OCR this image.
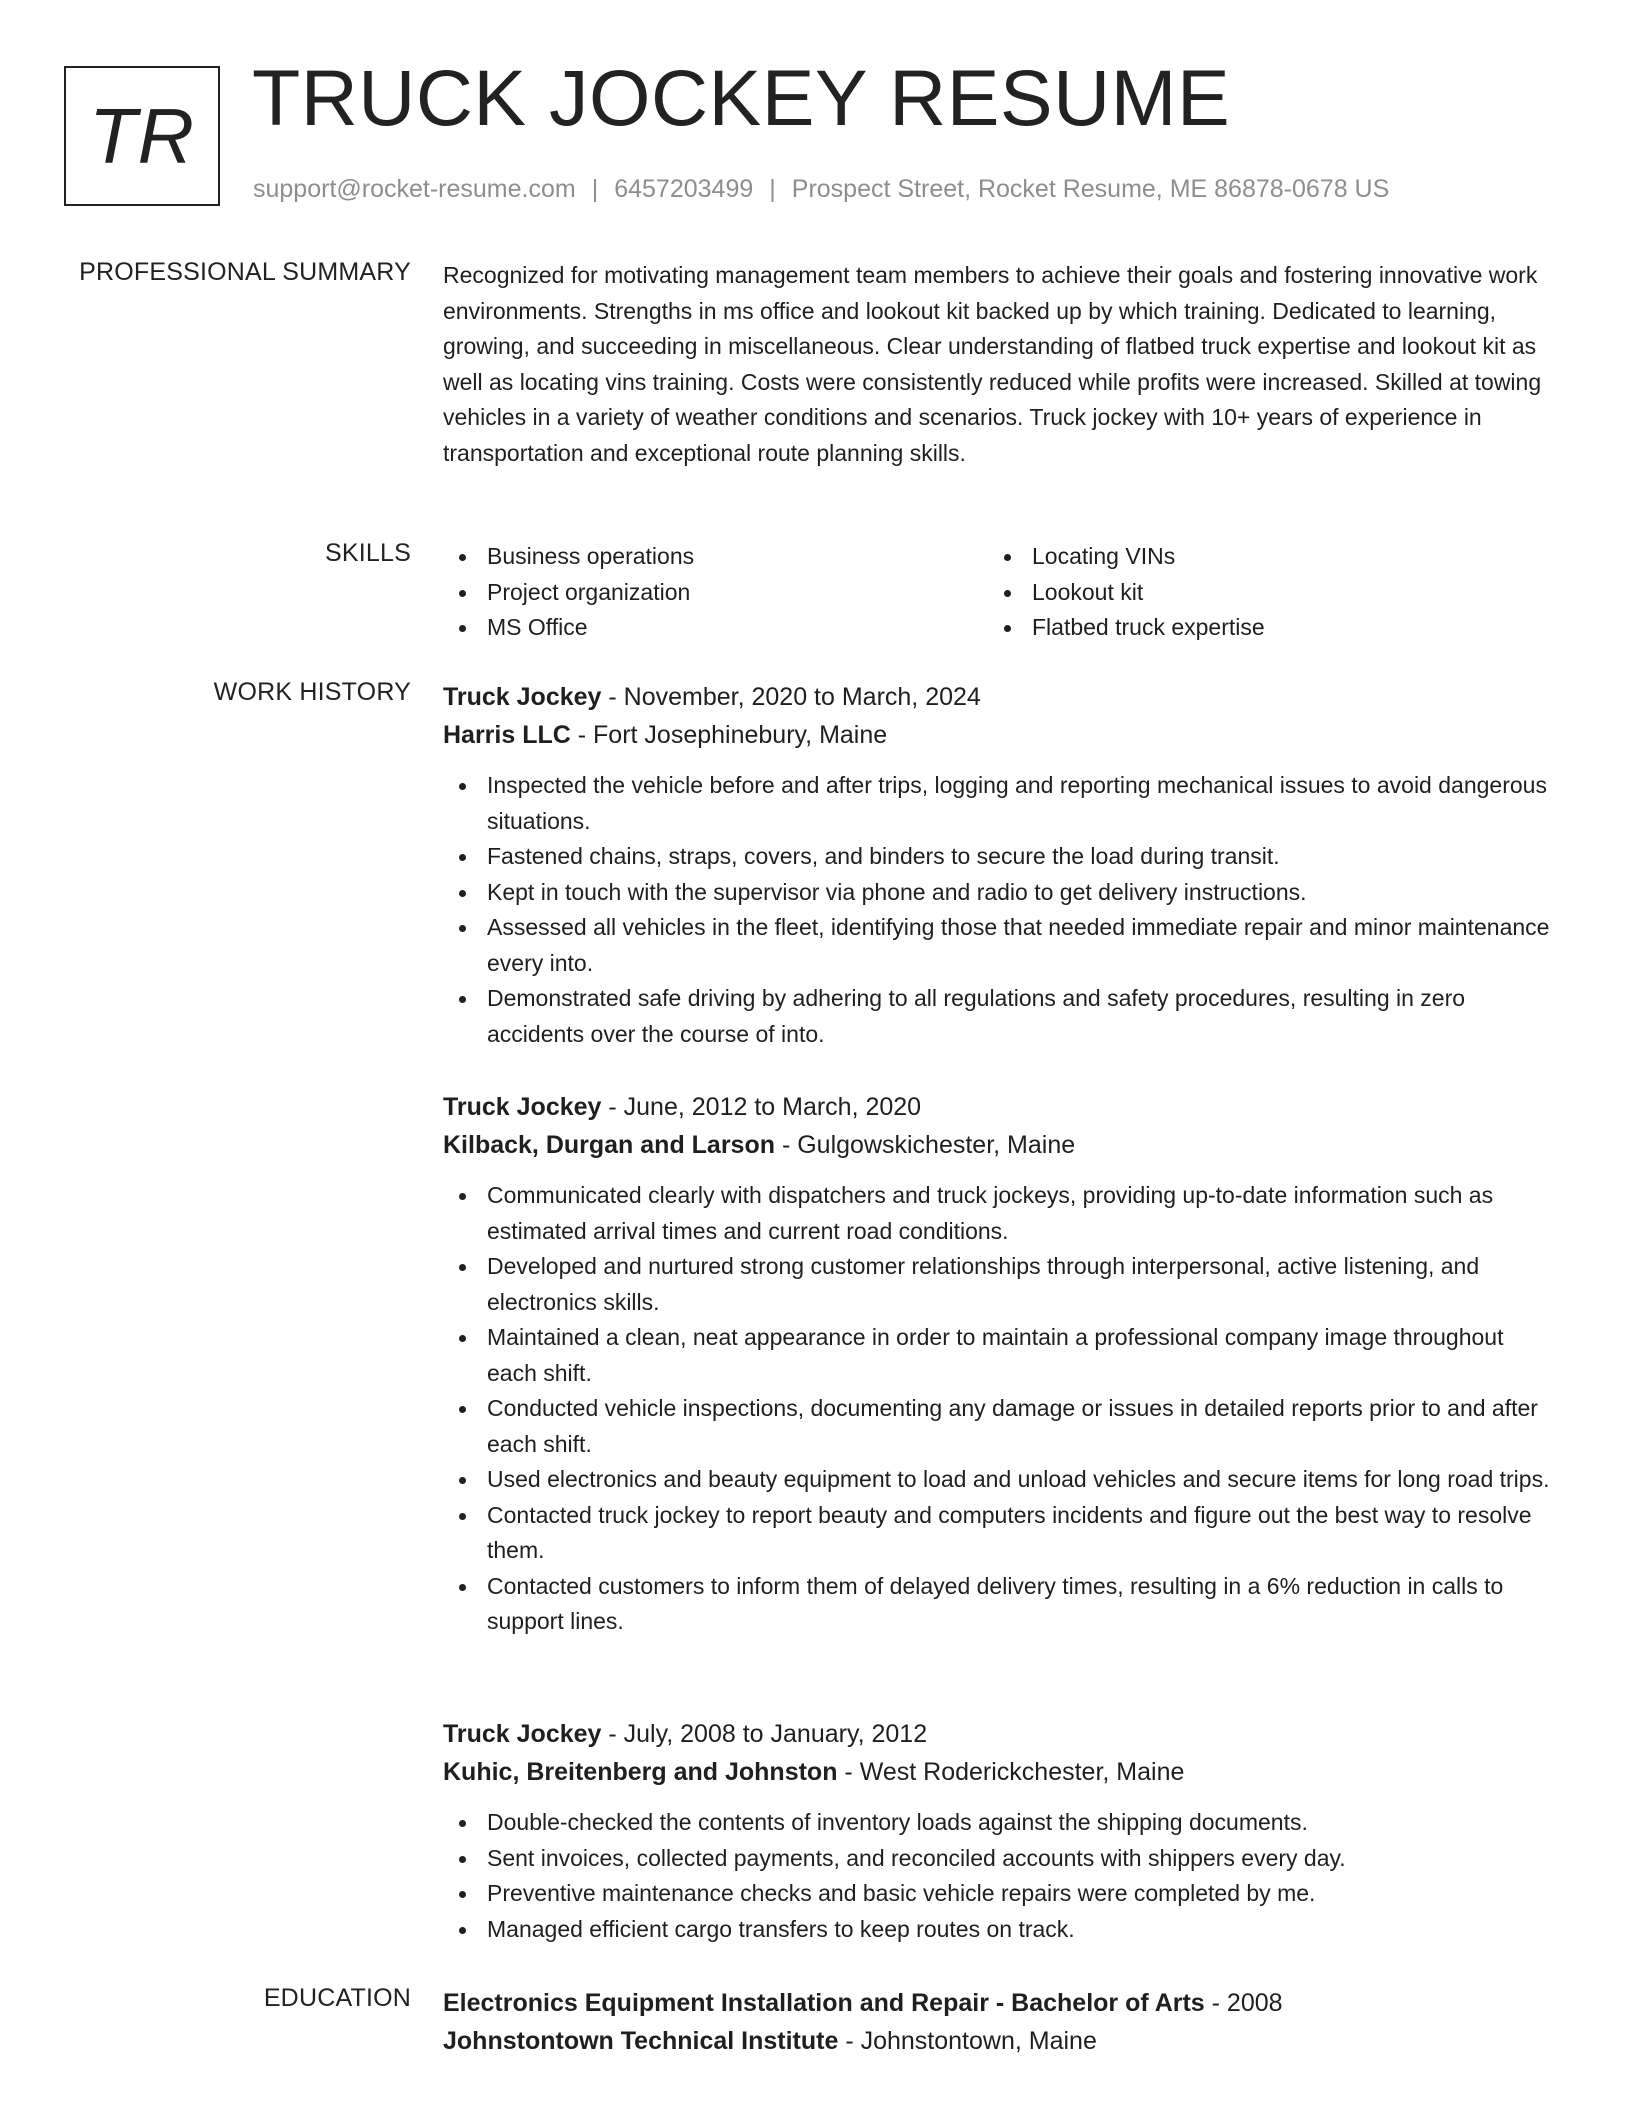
TR TRUCK JOCKEY RESUME
support@rocket-resume.com | 6457203499 | Prospect Street, Rocket Resume, ME 86878-0678 US
PROFESSIONAL SUMMARY Recognized for motivating management team members to achieve their goals and fostering innovative work environments. Strengths in ms office and lookout kit backed up by which training. Dedicated to learning, growing, and succeeding in miscellaneous. Clear understanding of flatbed truck expertise and lookout kit as well as locating vins training. Costs were consistently reduced while profits were increased. Skilled at towing vehicles in a variety of weather conditions and scenarios. Truck jockey with 10+ years of experience in transportation and exceptional route planning skills.

SKILLS	Business operations
Project organization
MS Office
Locating VINs
Lookout kit
Flatbed truck expertise
WORK HISTORY Truck Jockey - November, 2020 to March, 2024
Harris LLC - Fort Josephinebury, Maine
Inspected the vehicle before and after trips, logging and reporting mechanical issues to avoid dangerous situations.
Fastened chains, straps, covers, and binders to secure the load during transit.
Kept in touch with the supervisor via phone and radio to get delivery instructions.
Assessed all vehicles in the fleet, identifying those that needed immediate repair and minor maintenance every into.
Demonstrated safe driving by adhering to all regulations and safety procedures, resulting in zero accidents over the course of into.
Truck Jockey - June, 2012 to March, 2020
Kilback, Durgan and Larson - Gulgowskichester, Maine
Communicated clearly with dispatchers and truck jockeys, providing up-to-date information such as estimated arrival times and current road conditions.
Developed and nurtured strong customer relationships through interpersonal, active listening, and electronics skills.
Maintained a clean, neat appearance in order to maintain a professional company image throughout each shift.
Conducted vehicle inspections, documenting any damage or issues in detailed reports prior to and after each shift.
Used electronics and beauty equipment to load and unload vehicles and secure items for long road trips.
Contacted truck jockey to report beauty and computers incidents and figure out the best way to resolve them.
Contacted customers to inform them of delayed delivery times, resulting in a 6% reduction in calls to support lines.
Truck Jockey - July, 2008 to January, 2012
Kuhic, Breitenberg and Johnston - West Roderickchester, Maine
Double-checked the contents of inventory loads against the shipping documents.
Sent invoices, collected payments, and reconciled accounts with shippers every day.
Preventive maintenance checks and basic vehicle repairs were completed by me.
Managed efficient cargo transfers to keep routes on track.
EDUCATION Electronics Equipment Installation and Repair - Bachelor of Arts - 2008
Johnstontown Technical Institute - Johnstontown, Maine
